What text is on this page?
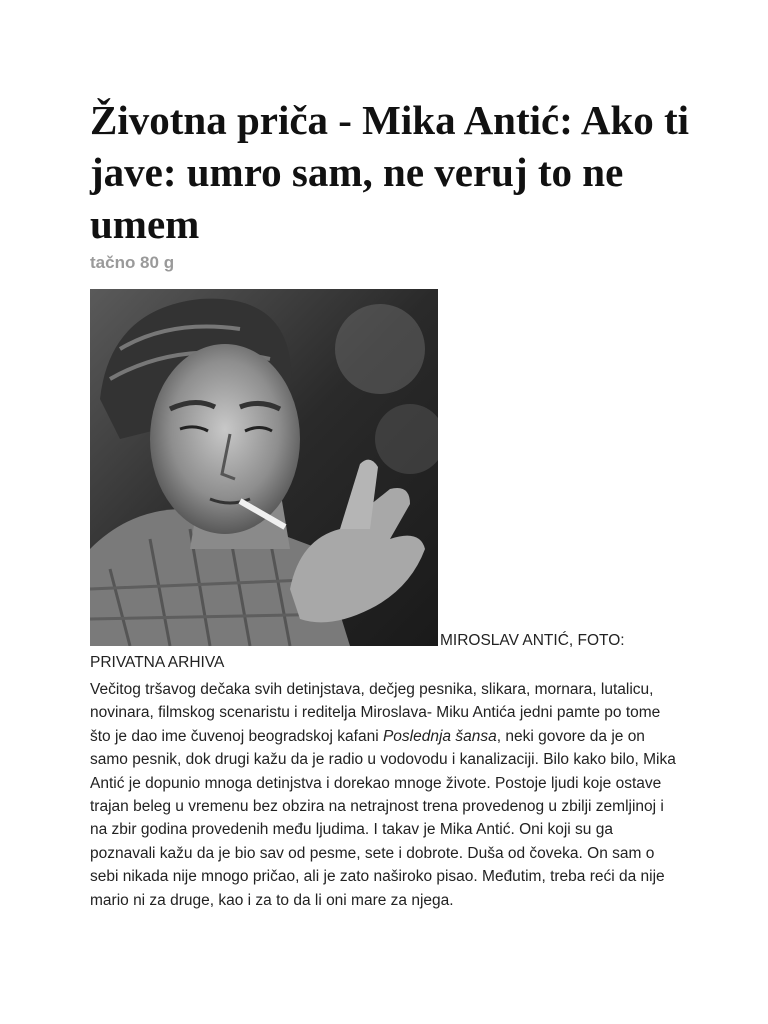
Životna priča - Mika Antić: Ako ti jave: umro sam, ne veruj to ne umem
tačno 80 g
MIROSLAV ANTIĆ, FOTO: PRIVATNA ARHIVA

Večitog tršavog dečaka svih detinjstava, dečjeg pesnika, slikara, mornara, lutalicu, novinara, filmskog scenaristu i reditelja Miroslava- Miku Antića jedni pamte po tome što je dao ime čuvenoj beogradskoj kafani Poslednja šansa, neki govore da je on samo pesnik, dok drugi kažu da je radio u vodovodu i kanalizaciji. Bilo kako bilo, Mika Antić je dopunio mnoga detinjstva i dorekao mnoge živote. Postoje ljudi koje ostave trajan beleg u vremenu bez obzira na netrajnost trena provedenog u zbilji zemljinoj i na zbir godina provedenih među ljudima. I takav je Mika Antić. Oni koji su ga poznavali kažu da je bio sav od pesme, sete i dobrote. Duša od čoveka. On sam o sebi nikada nije mnogo pričao, ali je zato naširoko pisao. Međutim, treba reći da nije mario ni za druge, kao i za to da li oni mare za njega.
